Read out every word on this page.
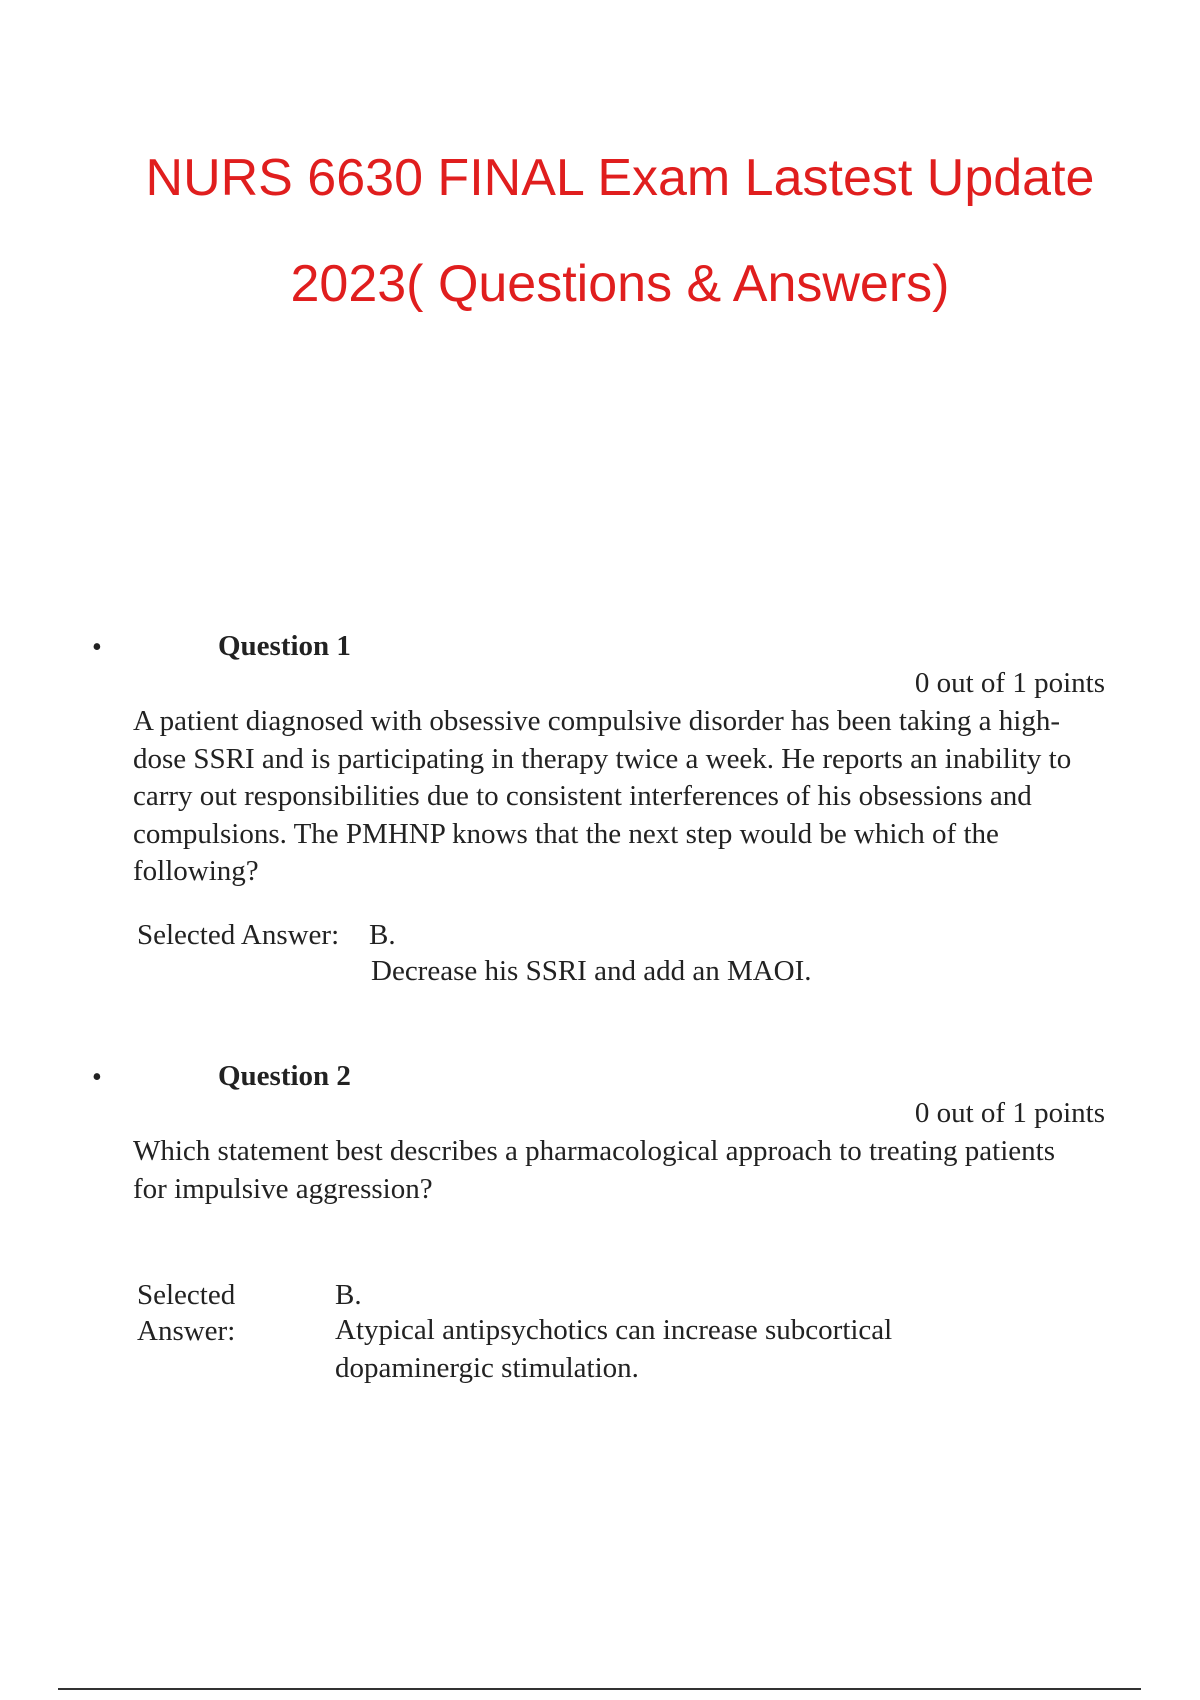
NURS 6630 FINAL Exam Lastest Update
2023( Questions & Answers)
•	Question 1
0 out of 1 points
A patient diagnosed with obsessive compulsive disorder has been taking a high-dose SSRI and is participating in therapy twice a week. He reports an inability to carry out responsibilities due to consistent interferences of his obsessions and compulsions. The PMHNP knows that the next step would be which of the following?
Selected Answer: B.
Decrease his SSRI and add an MAOI.
•	Question 2
0 out of 1 points
Which statement best describes a pharmacological approach to treating patients for impulsive aggression?
Selected
Answer:
B.
Atypical antipsychotics can increase subcortical dopaminergic stimulation.
